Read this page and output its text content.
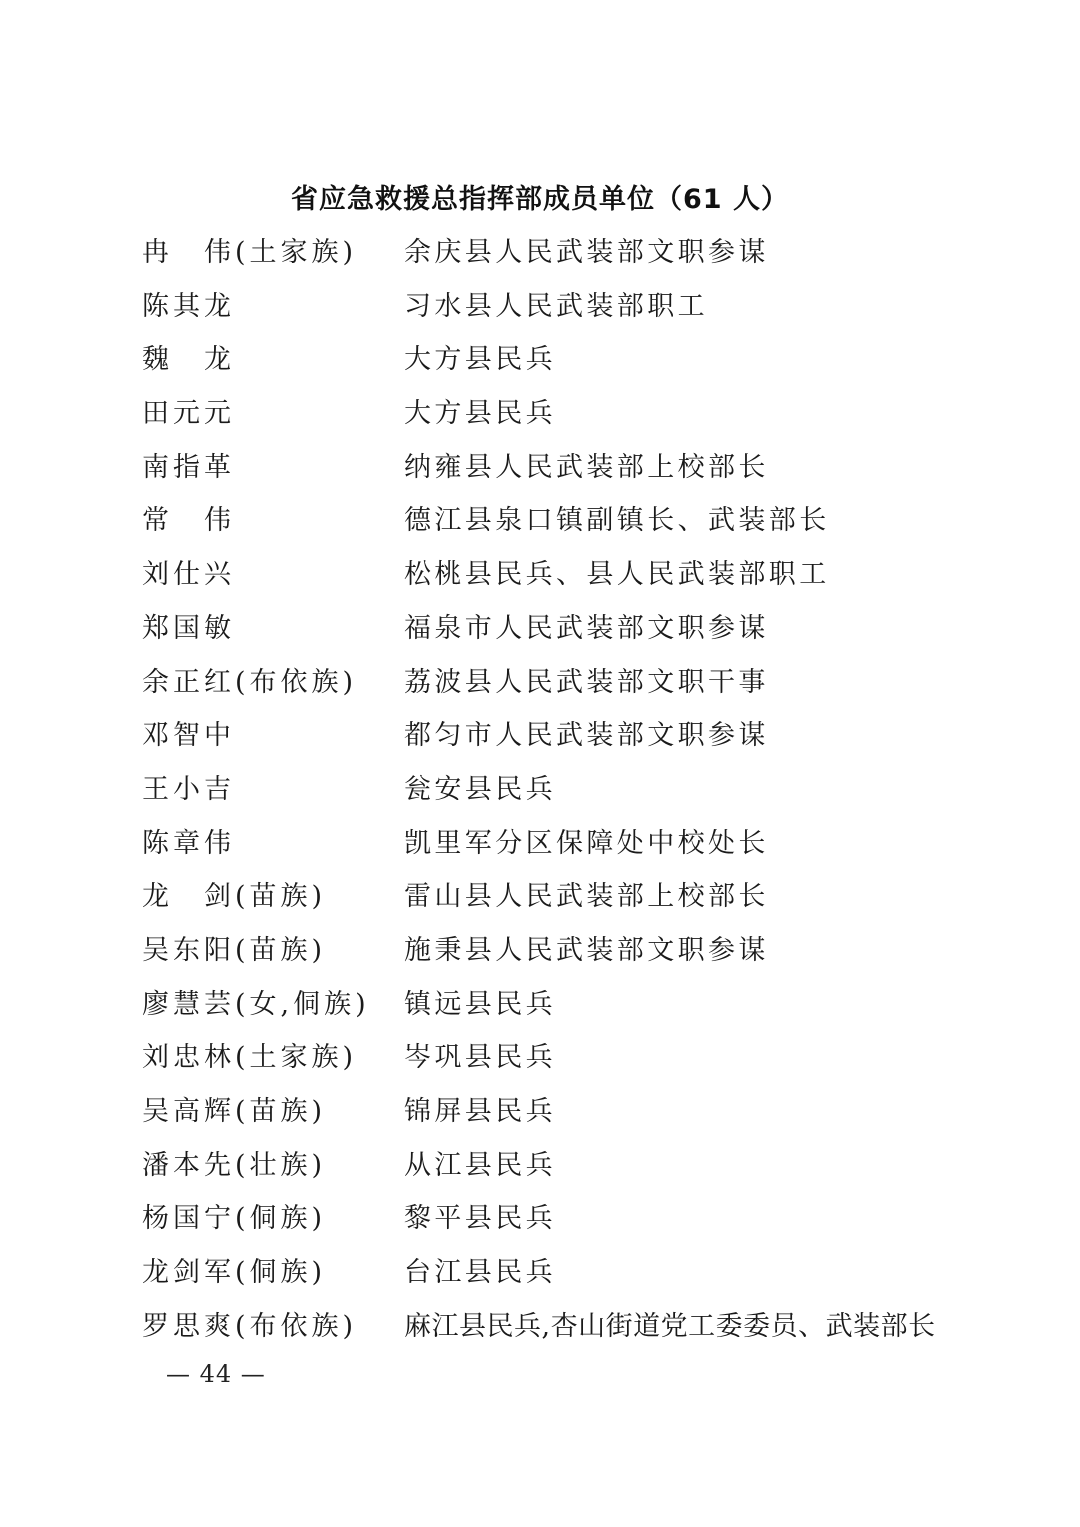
省应急救援总指挥部成员单位（61 人）
冉　伟(土家族) 余庆县人民武装部文职参谋
陈其龙	习水县人民武装部职工
魏　龙	大方县民兵
田元元	大方县民兵
南指革	纳雍县人民武装部上校部长
常　伟	德江县泉口镇副镇长、武装部长
刘仕兴	松桃县民兵、县人民武装部职工
郑国敏	福泉市人民武装部文职参谋
余正红(布依族) 荔波县人民武装部文职干事
邓智中	都匀市人民武装部文职参谋
王小吉	瓮安县民兵
陈章伟	凯里军分区保障处中校处长
龙　剑(苗族)	雷山县人民武装部上校部长
吴东阳(苗族)	施秉县人民武装部文职参谋
廖慧芸(女,侗族) 镇远县民兵
刘忠林(土家族) 岑巩县民兵
吴高辉(苗族)	锦屏县民兵
潘本先(壮族)	从江县民兵
杨国宁(侗族)	黎平县民兵
龙剑军(侗族)	台江县民兵
罗思爽(布依族) 麻江县民兵,杏山街道党工委委员、武装部长
— 44 —
